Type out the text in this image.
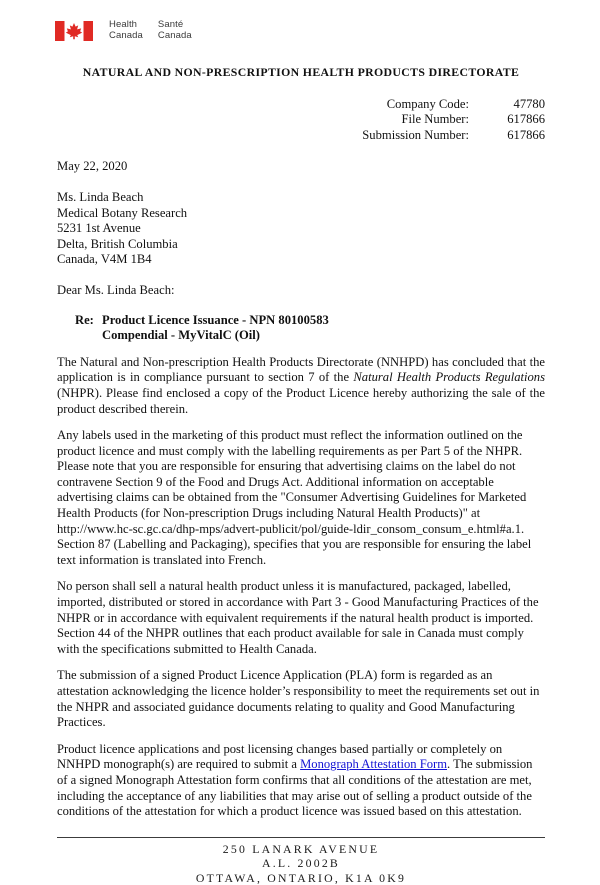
Health
Canada
Santé
Canada
NATURAL AND NON-PRESCRIPTION HEALTH PRODUCTS DIRECTORATE
Company Code:	47780
File Number:	617866
Submission Number:	617866
May 22, 2020
Ms. Linda Beach
Medical Botany Research
5231 1st Avenue
Delta, British Columbia
Canada, V4M 1B4
Dear Ms. Linda Beach:
Re: Product Licence Issuance - NPN 80100583
Compendial - MyVitalC (Oil)
The Natural and Non-prescription Health Products Directorate (NNHPD) has concluded that the application is in compliance pursuant to section 7 of the Natural Health Products Regulations (NHPR). Please find enclosed a copy of the Product Licence hereby authorizing the sale of the product described therein.
Any labels used in the marketing of this product must reflect the information outlined on the product licence and must comply with the labelling requirements as per Part 5 of the NHPR. Please note that you are responsible for ensuring that advertising claims on the label do not contravene Section 9 of the Food and Drugs Act. Additional information on acceptable advertising claims can be obtained from the "Consumer Advertising Guidelines for Marketed Health Products (for Non-prescription Drugs including Natural Health Products)" at http://www.hc-sc.gc.ca/dhp-mps/advert-publicit/pol/guide-ldir_consom_consum_e.html#a.1. Section 87 (Labelling and Packaging), specifies that you are responsible for ensuring the label text information is translated into French.
No person shall sell a natural health product unless it is manufactured, packaged, labelled, imported, distributed or stored in accordance with Part 3 - Good Manufacturing Practices of the NHPR or in accordance with equivalent requirements if the natural health product is imported. Section 44 of the NHPR outlines that each product available for sale in Canada must comply with the specifications submitted to Health Canada.
The submission of a signed Product Licence Application (PLA) form is regarded as an attestation acknowledging the licence holder’s responsibility to meet the requirements set out in the NHPR and associated guidance documents relating to quality and Good Manufacturing Practices.
Product licence applications and post licensing changes based partially or completely on NNHPD monograph(s) are required to submit a Monograph Attestation Form. The submission of a signed Monograph Attestation form confirms that all conditions of the attestation are met, including the acceptance of any liabilities that may arise out of selling a product outside of the conditions of the attestation for which a product licence was issued based on this attestation.
250 LANARK AVENUE
A.L. 2002B
OTTAWA, ONTARIO, K1A 0K9
